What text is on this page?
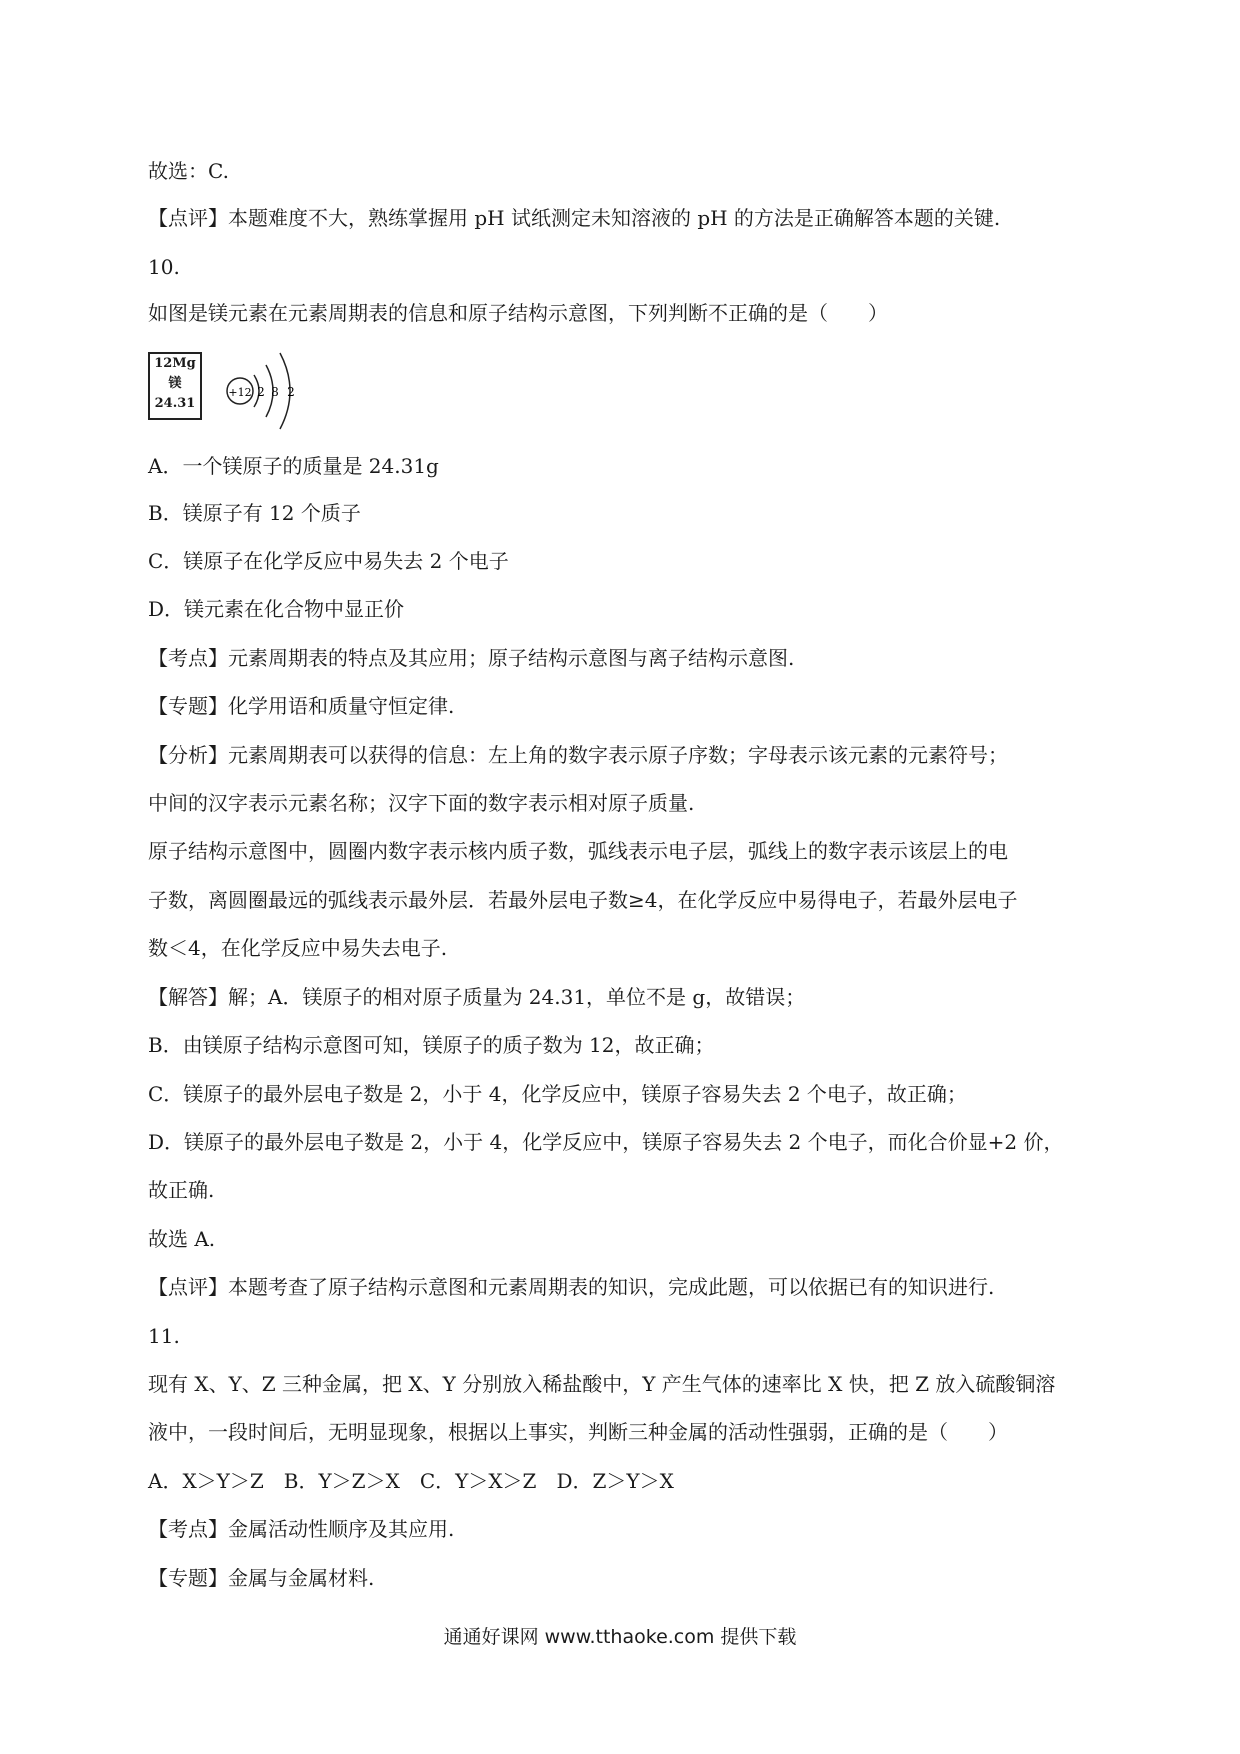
故选：C.

【点评】本题难度不大，熟练掌握用 pH 试纸测定未知溶液的 pH 的方法是正确解答本题的关键.

10.

如图是镁元素在元素周期表的信息和原子结构示意图，下列判断不正确的是（　　）

12Mg
镁
24.31
+12 2 8 2

A．一个镁原子的质量是 24.31g

B．镁原子有 12 个质子

C．镁原子在化学反应中易失去 2 个电子

D．镁元素在化合物中显正价

【考点】元素周期表的特点及其应用；原子结构示意图与离子结构示意图.

【专题】化学用语和质量守恒定律.

【分析】元素周期表可以获得的信息：左上角的数字表示原子序数；字母表示该元素的元素符号；

中间的汉字表示元素名称；汉字下面的数字表示相对原子质量.

原子结构示意图中，圆圈内数字表示核内质子数，弧线表示电子层，弧线上的数字表示该层上的电

子数，离圆圈最远的弧线表示最外层．若最外层电子数≥4，在化学反应中易得电子，若最外层电子

数＜4，在化学反应中易失去电子.

【解答】解；A．镁原子的相对原子质量为 24.31，单位不是 g，故错误；

B．由镁原子结构示意图可知，镁原子的质子数为 12，故正确；

C．镁原子的最外层电子数是 2，小于 4，化学反应中，镁原子容易失去 2 个电子，故正确；

D．镁原子的最外层电子数是 2，小于 4，化学反应中，镁原子容易失去 2 个电子，而化合价显+2 价，

故正确.

故选 A.

【点评】本题考查了原子结构示意图和元素周期表的知识，完成此题，可以依据已有的知识进行.

11.

现有 X、Y、Z 三种金属，把 X、Y 分别放入稀盐酸中，Y 产生气体的速率比 X 快，把 Z 放入硫酸铜溶

液中，一段时间后，无明显现象，根据以上事实，判断三种金属的活动性强弱，正确的是（　　）

A．X＞Y＞Z　B．Y＞Z＞X　C．Y＞X＞Z　D．Z＞Y＞X

【考点】金属活动性顺序及其应用.

【专题】金属与金属材料.

通通好课网 www.tthaoke.com 提供下载
